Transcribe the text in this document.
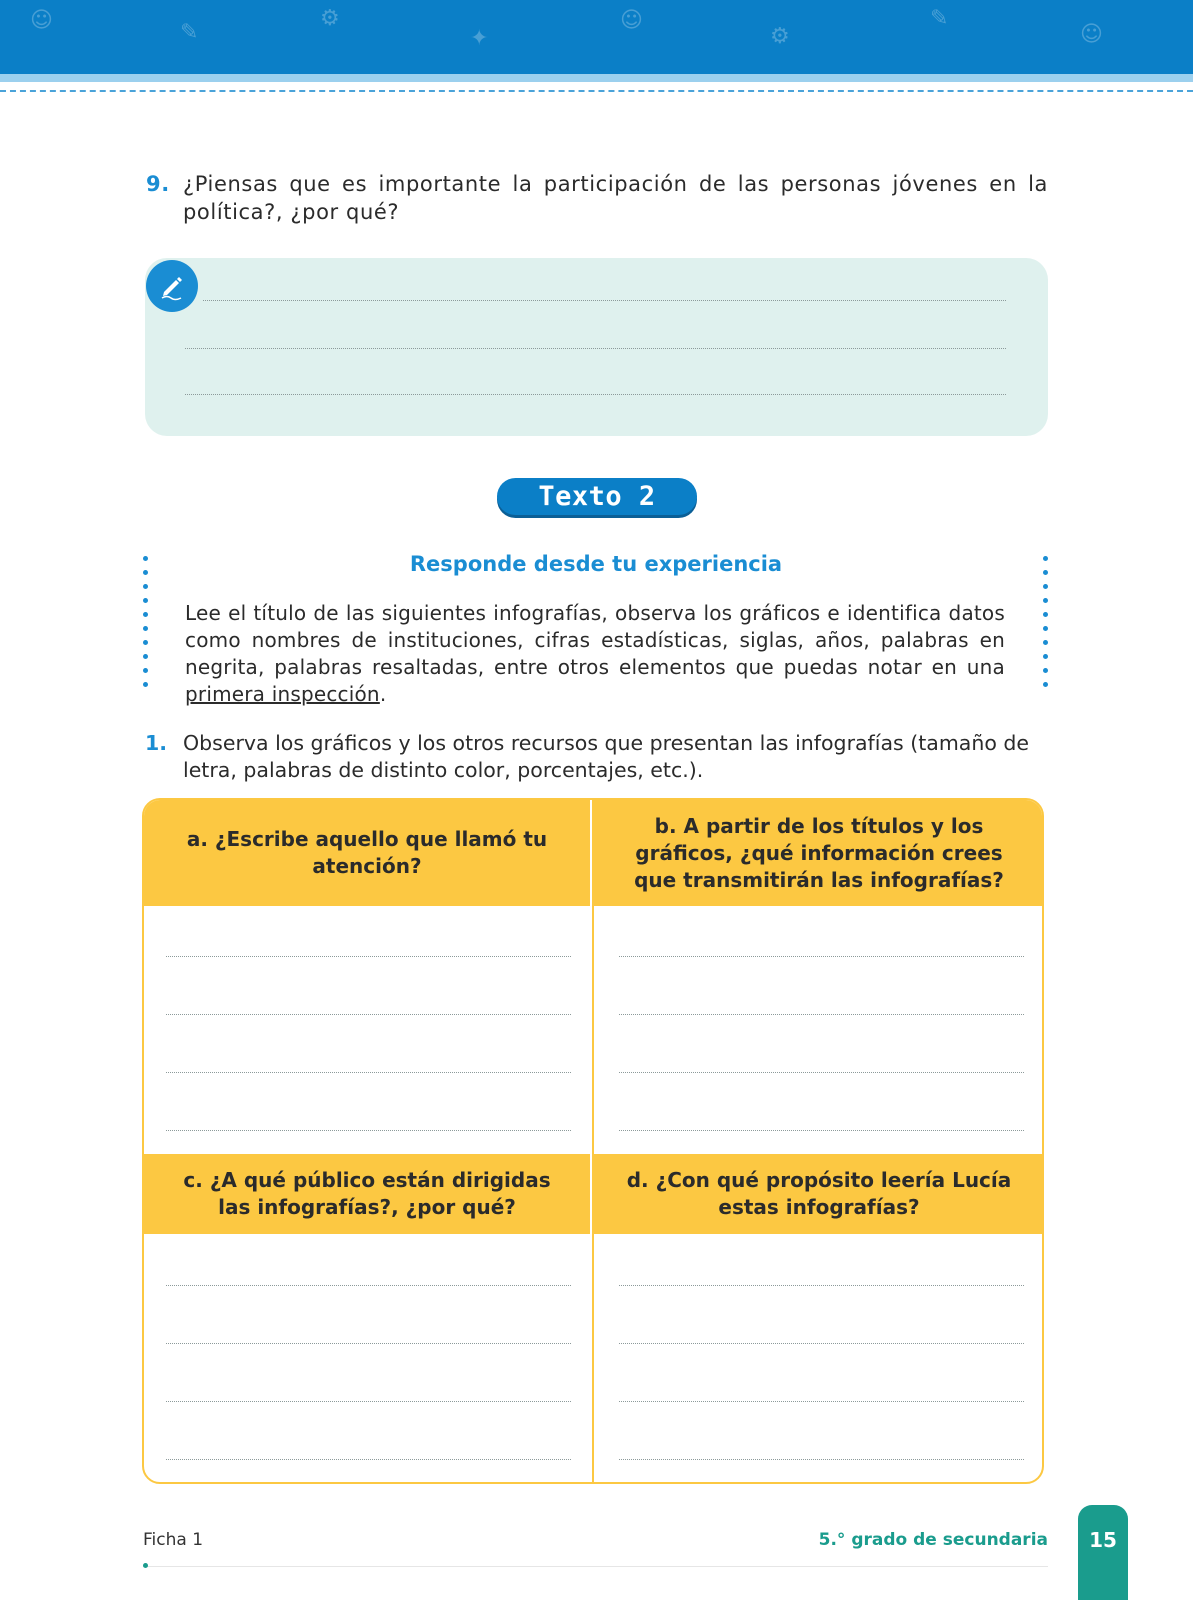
☺	✎
⚙
✦
☺
⚙
✎
☺
9. ¿Piensas que es importante la participación de las personas jóvenes en la política?, ¿por qué?
Texto 2
Responde desde tu experiencia
Lee el título de las siguientes infografías, observa los gráficos e identifica datos como nombres de instituciones, cifras estadísticas, siglas, años, palabras en negrita, palabras resaltadas, entre otros elementos que puedas notar en una primera inspección.
1. Observa los gráficos y los otros recursos que presentan las infografías (tamaño de letra, palabras de distinto color, porcentajes, etc.).
a. ¿Escribe aquello que llamó tu atención?
b. A partir de los títulos y los gráficos, ¿qué información crees que transmitirán las infografías?
c. ¿A qué público están dirigidas las infografías?, ¿por qué?
d. ¿Con qué propósito leería Lucía estas infografías?
Ficha 1	5.° grado de secundaria	15
